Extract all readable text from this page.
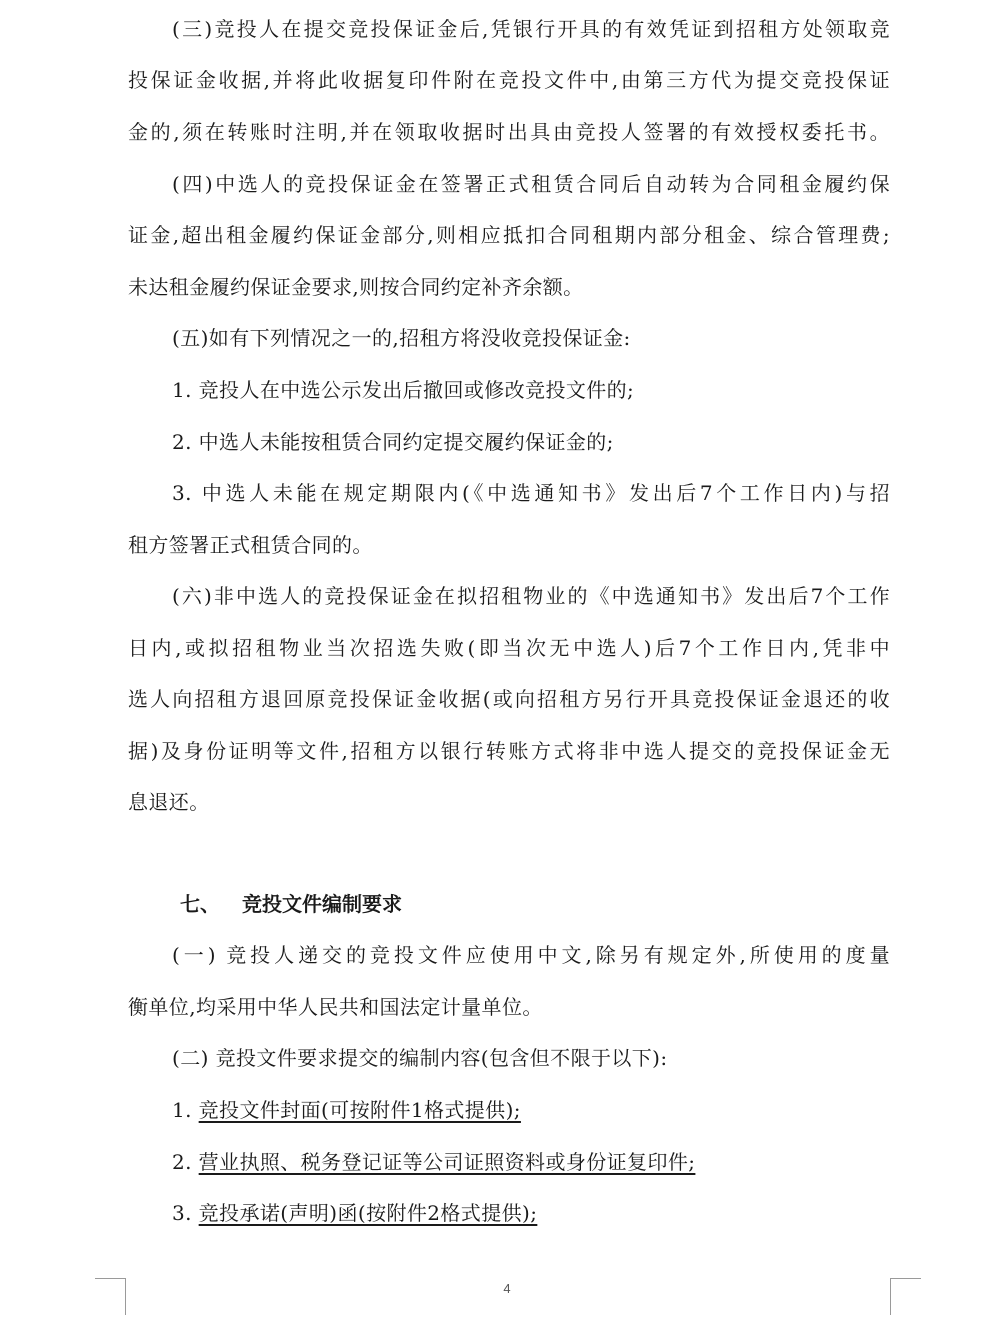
(三)竞投人在提交竞投保证金后,凭银行开具的有效凭证到招租方处领取竞
投保证金收据,并将此收据复印件附在竞投文件中,由第三方代为提交竞投保证
金的,须在转账时注明,并在领取收据时出具由竞投人签署的有效授权委托书。
(四)中选人的竞投保证金在签署正式租赁合同后自动转为合同租金履约保
证金,超出租金履约保证金部分,则相应抵扣合同租期内部分租金、综合管理费;
未达租金履约保证金要求,则按合同约定补齐余额。
(五)如有下列情况之一的,招租方将没收竞投保证金:
1. 竞投人在中选公示发出后撤回或修改竞投文件的;
2. 中选人未能按租赁合同约定提交履约保证金的;
3. 中选人未能在规定期限内(《中选通知书》发出后7个工作日内)与招
租方签署正式租赁合同的。
(六)非中选人的竞投保证金在拟招租物业的《中选通知书》发出后7个工作
日内,或拟招租物业当次招选失败(即当次无中选人)后7个工作日内,凭非中
选人向招租方退回原竞投保证金收据(或向招租方另行开具竞投保证金退还的收
据)及身份证明等文件,招租方以银行转账方式将非中选人提交的竞投保证金无
息退还。
七、 竞投文件编制要求
(一) 竞投人递交的竞投文件应使用中文,除另有规定外,所使用的度量
衡单位,均采用中华人民共和国法定计量单位。
(二) 竞投文件要求提交的编制内容(包含但不限于以下):
1. 竞投文件封面(可按附件1格式提供);
2. 营业执照、税务登记证等公司证照资料或身份证复印件;
3. 竞投承诺(声明)函(按附件2格式提供);
4
